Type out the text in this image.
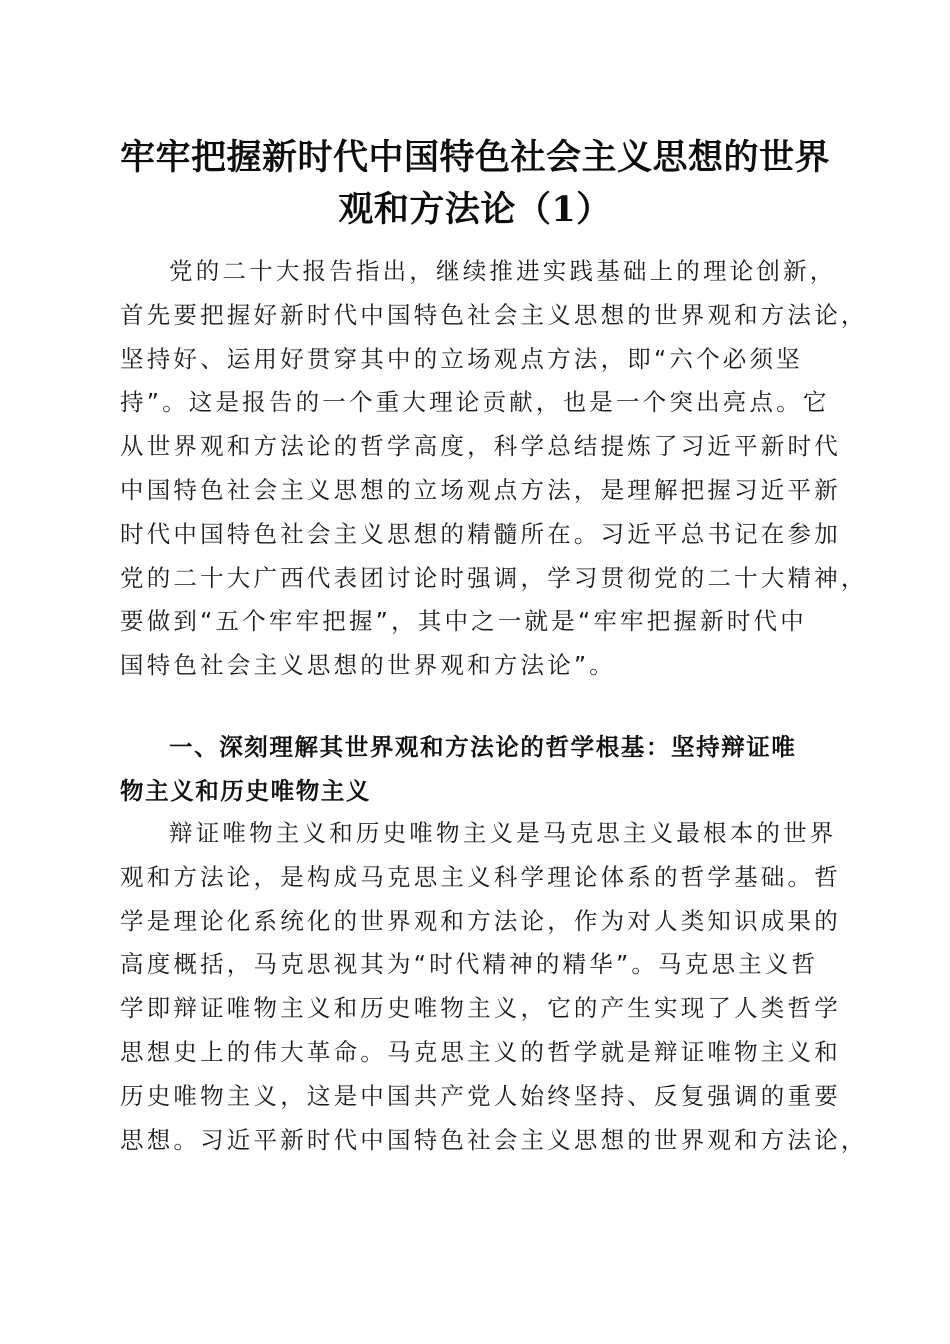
牢牢把握新时代中国特色社会主义思想的世界
观和方法论（1）
党的二十大报告指出，继续推进实践基础上的理论创新，
首先要把握好新时代中国特色社会主义思想的世界观和方法论，
坚持好、运用好贯穿其中的立场观点方法，即“六个必须坚
持”。这是报告的一个重大理论贡献，也是一个突出亮点。它
从世界观和方法论的哲学高度，科学总结提炼了习近平新时代
中国特色社会主义思想的立场观点方法，是理解把握习近平新
时代中国特色社会主义思想的精髓所在。习近平总书记在参加
党的二十大广西代表团讨论时强调，学习贯彻党的二十大精神，
要做到“五个牢牢把握”，其中之一就是“牢牢把握新时代中
国特色社会主义思想的世界观和方法论”。
一、深刻理解其世界观和方法论的哲学根基：坚持辩证唯
物主义和历史唯物主义
辩证唯物主义和历史唯物主义是马克思主义最根本的世界
观和方法论，是构成马克思主义科学理论体系的哲学基础。哲
学是理论化系统化的世界观和方法论，作为对人类知识成果的
高度概括，马克思视其为“时代精神的精华”。马克思主义哲
学即辩证唯物主义和历史唯物主义，它的产生实现了人类哲学
思想史上的伟大革命。马克思主义的哲学就是辩证唯物主义和
历史唯物主义，这是中国共产党人始终坚持、反复强调的重要
思想。习近平新时代中国特色社会主义思想的世界观和方法论，
